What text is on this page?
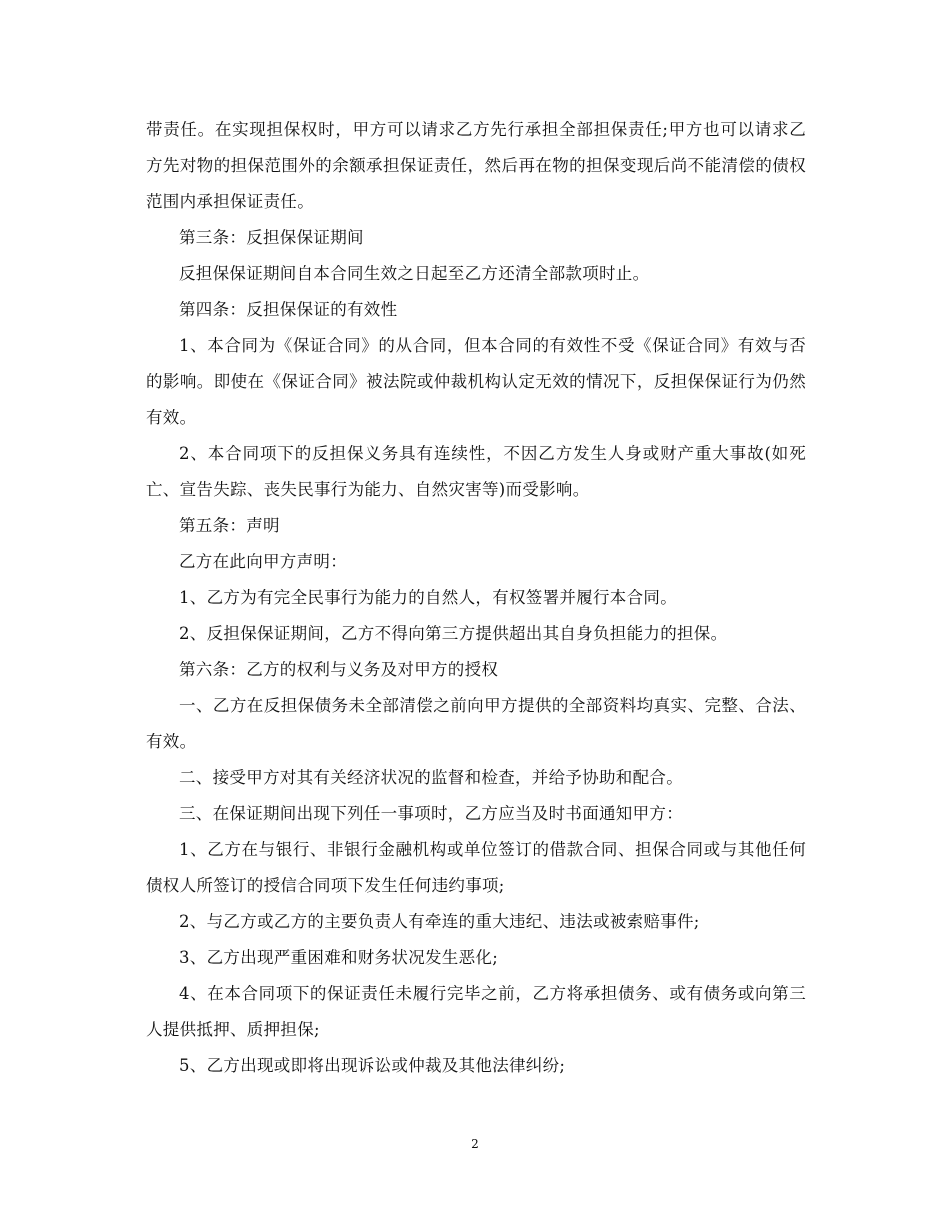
带责任。在实现担保权时，甲方可以请求乙方先行承担全部担保责任;甲方也可以请求乙方先对物的担保范围外的余额承担保证责任，然后再在物的担保变现后尚不能清偿的债权范围内承担保证责任。

第三条：反担保保证期间

反担保保证期间自本合同生效之日起至乙方还清全部款项时止。

第四条：反担保保证的有效性

1、本合同为《保证合同》的从合同，但本合同的有效性不受《保证合同》有效与否的影响。即使在《保证合同》被法院或仲裁机构认定无效的情况下，反担保保证行为仍然有效。

2、本合同项下的反担保义务具有连续性，不因乙方发生人身或财产重大事故(如死亡、宣告失踪、丧失民事行为能力、自然灾害等)而受影响。

第五条：声明

乙方在此向甲方声明：

1、乙方为有完全民事行为能力的自然人，有权签署并履行本合同。

2、反担保保证期间，乙方不得向第三方提供超出其自身负担能力的担保。

第六条：乙方的权利与义务及对甲方的授权

一、乙方在反担保债务未全部清偿之前向甲方提供的全部资料均真实、完整、合法、有效。

二、接受甲方对其有关经济状况的监督和检查，并给予协助和配合。

三、在保证期间出现下列任一事项时，乙方应当及时书面通知甲方：

1、乙方在与银行、非银行金融机构或单位签订的借款合同、担保合同或与其他任何债权人所签订的授信合同项下发生任何违约事项;

2、与乙方或乙方的主要负责人有牵连的重大违纪、违法或被索赔事件;

3、乙方出现严重困难和财务状况发生恶化;

4、在本合同项下的保证责任未履行完毕之前，乙方将承担债务、或有债务或向第三人提供抵押、质押担保;

5、乙方出现或即将出现诉讼或仲裁及其他法律纠纷;

2
